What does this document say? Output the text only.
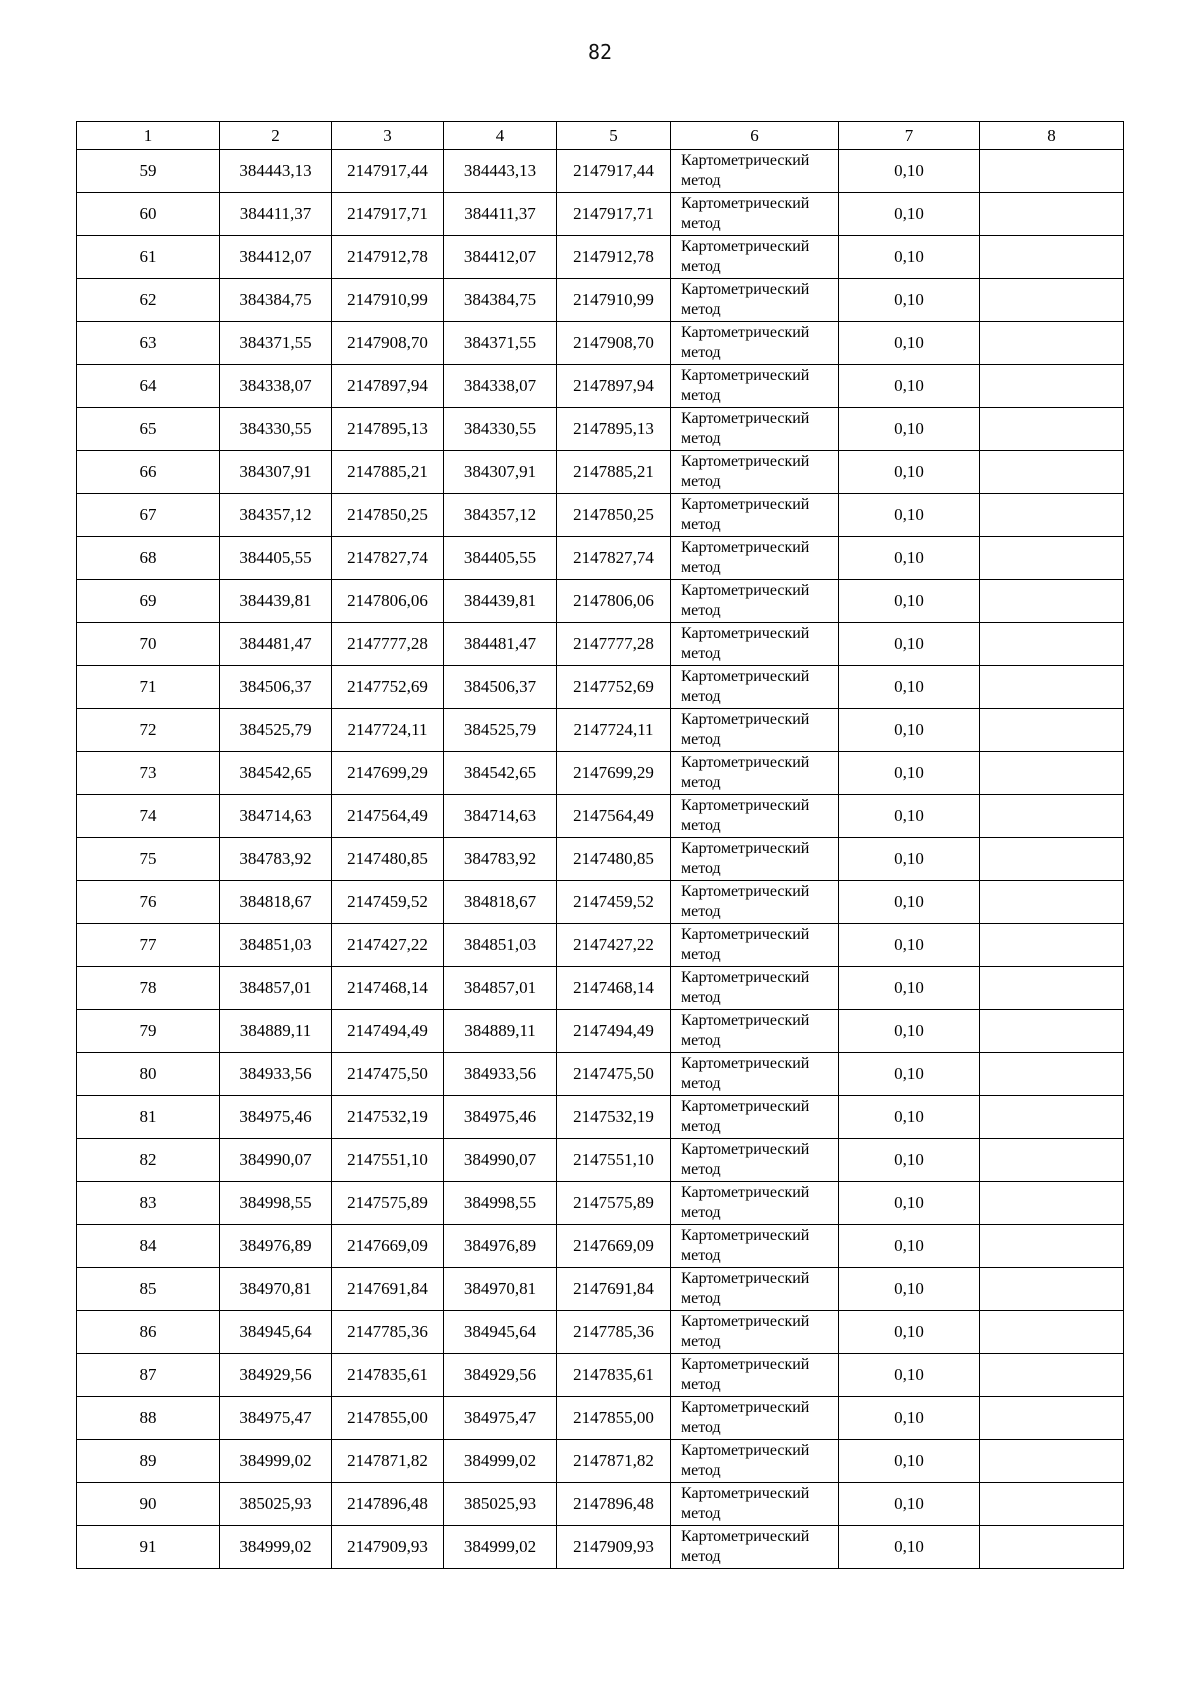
82
1	2	3	4	5	6	7	8
59	384443,13	2147917,44	384443,13	2147917,44	Картометрический
метод	0,10	
60	384411,37	2147917,71	384411,37	2147917,71	Картометрический
метод	0,10	
61	384412,07	2147912,78	384412,07	2147912,78	Картометрический
метод	0,10	
62	384384,75	2147910,99	384384,75	2147910,99	Картометрический
метод	0,10	
63	384371,55	2147908,70	384371,55	2147908,70	Картометрический
метод	0,10	
64	384338,07	2147897,94	384338,07	2147897,94	Картометрический
метод	0,10	
65	384330,55	2147895,13	384330,55	2147895,13	Картометрический
метод	0,10	
66	384307,91	2147885,21	384307,91	2147885,21	Картометрический
метод	0,10	
67	384357,12	2147850,25	384357,12	2147850,25	Картометрический
метод	0,10	
68	384405,55	2147827,74	384405,55	2147827,74	Картометрический
метод	0,10	
69	384439,81	2147806,06	384439,81	2147806,06	Картометрический
метод	0,10	
70	384481,47	2147777,28	384481,47	2147777,28	Картометрический
метод	0,10	
71	384506,37	2147752,69	384506,37	2147752,69	Картометрический
метод	0,10	
72	384525,79	2147724,11	384525,79	2147724,11	Картометрический
метод	0,10	
73	384542,65	2147699,29	384542,65	2147699,29	Картометрический
метод	0,10	
74	384714,63	2147564,49	384714,63	2147564,49	Картометрический
метод	0,10	
75	384783,92	2147480,85	384783,92	2147480,85	Картометрический
метод	0,10	
76	384818,67	2147459,52	384818,67	2147459,52	Картометрический
метод	0,10	
77	384851,03	2147427,22	384851,03	2147427,22	Картометрический
метод	0,10	
78	384857,01	2147468,14	384857,01	2147468,14	Картометрический
метод	0,10	
79	384889,11	2147494,49	384889,11	2147494,49	Картометрический
метод	0,10	
80	384933,56	2147475,50	384933,56	2147475,50	Картометрический
метод	0,10	
81	384975,46	2147532,19	384975,46	2147532,19	Картометрический
метод	0,10	
82	384990,07	2147551,10	384990,07	2147551,10	Картометрический
метод	0,10	
83	384998,55	2147575,89	384998,55	2147575,89	Картометрический
метод	0,10	
84	384976,89	2147669,09	384976,89	2147669,09	Картометрический
метод	0,10	
85	384970,81	2147691,84	384970,81	2147691,84	Картометрический
метод	0,10	
86	384945,64	2147785,36	384945,64	2147785,36	Картометрический
метод	0,10	
87	384929,56	2147835,61	384929,56	2147835,61	Картометрический
метод	0,10	
88	384975,47	2147855,00	384975,47	2147855,00	Картометрический
метод	0,10	
89	384999,02	2147871,82	384999,02	2147871,82	Картометрический
метод	0,10	
90	385025,93	2147896,48	385025,93	2147896,48	Картометрический
метод	0,10	
91	384999,02	2147909,93	384999,02	2147909,93	Картометрический
метод	0,10	
